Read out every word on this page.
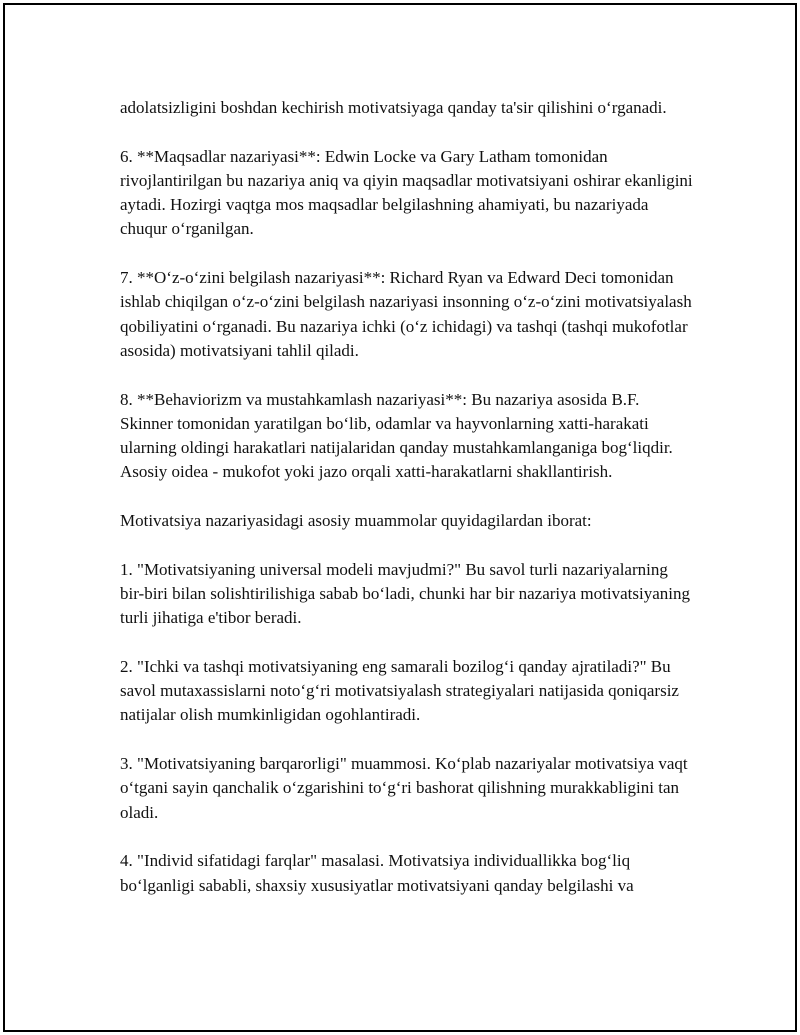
adolatsizligini boshdan kechirish motivatsiyaga qanday ta'sir qilishini o‘rganadi.

6. **Maqsadlar nazariyasi**: Edwin Locke va Gary Latham tomonidan rivojlantirilgan bu nazariya aniq va qiyin maqsadlar motivatsiyani oshirar ekanligini aytadi. Hozirgi vaqtga mos maqsadlar belgilashning ahamiyati, bu nazariyada chuqur o‘rganilgan.

7. **O‘z-o‘zini belgilash nazariyasi**: Richard Ryan va Edward Deci tomonidan ishlab chiqilgan o‘z-o‘zini belgilash nazariyasi insonning o‘z-o‘zini motivatsiyalash qobiliyatini o‘rganadi. Bu nazariya ichki (o‘z ichidagi) va tashqi (tashqi mukofotlar asosida) motivatsiyani tahlil qiladi.

8. **Behaviorizm va mustahkamlash nazariyasi**: Bu nazariya asosida B.F. Skinner tomonidan yaratilgan bo‘lib, odamlar va hayvonlarning xatti-harakati ularning oldingi harakatlari natijalaridan qanday mustahkamlanganiga bog‘liqdir. Asosiy oidea - mukofot yoki jazo orqali xatti-harakatlarni shakllantirish.

Motivatsiya nazariyasidagi asosiy muammolar quyidagilardan iborat:

1. "Motivatsiyaning universal modeli mavjudmi?" Bu savol turli nazariyalarning bir-biri bilan solishtirilishiga sabab bo‘ladi, chunki har bir nazariya motivatsiyaning turli jihatiga e'tibor beradi.

2. "Ichki va tashqi motivatsiyaning eng samarali bozilog‘i qanday ajratiladi?" Bu savol mutaxassislarni noto‘g‘ri motivatsiyalash strategiyalari natijasida qoniqarsiz natijalar olish mumkinligidan ogohlantiradi.

3. "Motivatsiyaning barqarorligi" muammosi. Ko‘plab nazariyalar motivatsiya vaqt o‘tgani sayin qanchalik o‘zgarishini to‘g‘ri bashorat qilishning murakkabligini tan oladi.

4. "Individ sifatidagi farqlar" masalasi. Motivatsiya individuallikka bog‘liq bo‘lganligi sababli, shaxsiy xususiyatlar motivatsiyani qanday belgilashi va
